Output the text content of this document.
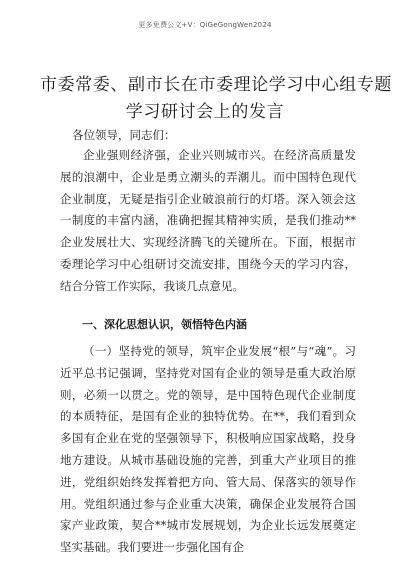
更多免费公文+V：QiGeGongWen2024
市委常委、副市长在市委理论学习中心组专题
学习研讨会上的发言
各位领导，同志们：

企业强则经济强，企业兴则城市兴。在经济高质量发展的浪潮中，企业是勇立潮头的弄潮儿。而中国特色现代企业制度，无疑是指引企业破浪前行的灯塔。深入领会这一制度的丰富内涵，准确把握其精神实质，是我们推动**企业发展壮大、实现经济腾飞的关键所在。下面，根据市委理论学习中心组研讨交流安排，围绕今天的学习内容，结合分管工作实际，我谈几点意见。

一、深化思想认识，领悟特色内涵

（一）坚持党的领导，筑牢企业发展“根”与“魂”。习近平总书记强调，坚持党对国有企业的领导是重大政治原则，必须一以贯之。党的领导，是中国特色现代企业制度的本质特征，是国有企业的独特优势。在**，我们看到众多国有企业在党的坚强领导下，积极响应国家战略，投身地方建设。从城市基础设施的完善，到重大产业项目的推进，党组织始终发挥着把方向、管大局、保落实的领导作用。党组织通过参与企业重大决策，确保企业发展符合国家产业政策，契合**城市发展规划，为企业长远发展奠定坚实基础。我们要进一步强化国有企
